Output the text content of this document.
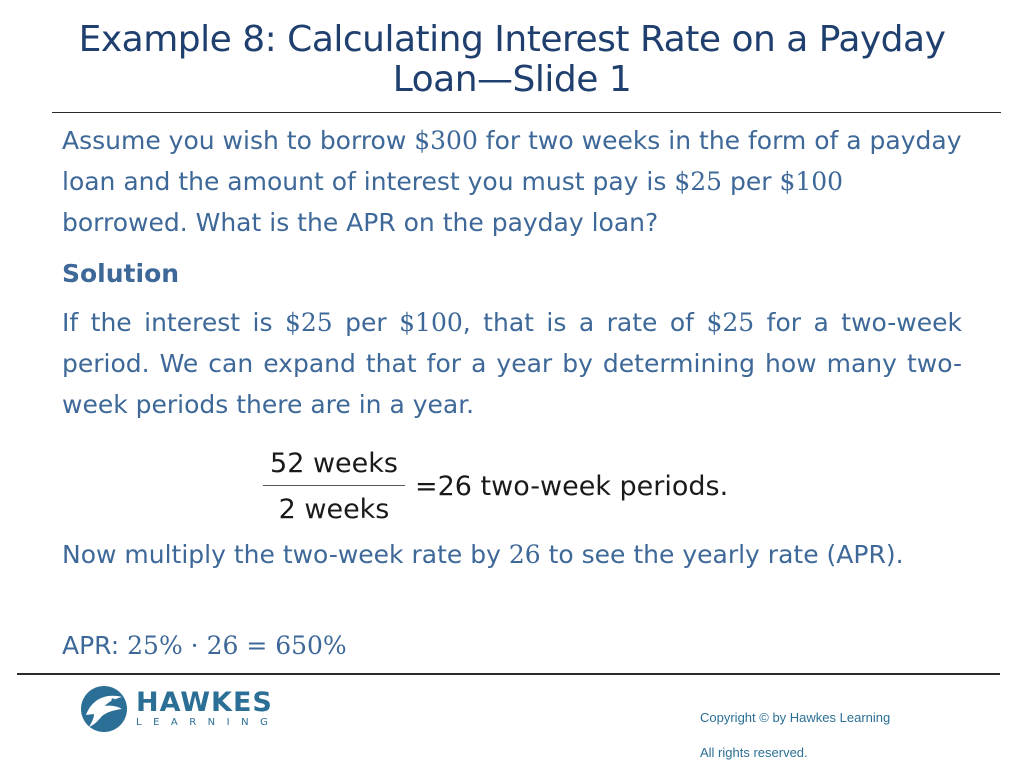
Example 8: Calculating Interest Rate on a Payday
Loan—Slide 1
Assume you wish to borrow $300 for two weeks in the form of a payday loan and the amount of interest you must pay is $25 per $100 borrowed. What is the APR on the payday loan?
Solution
If the interest is $25 per $100, that is a rate of $25 for a two-week period. We can expand that for a year by determining how many two-week periods there are in a year.
$\frac{\text{52 weeks}}{\text{2 weeks}} =26$ two-week periods.
Now multiply the two-week rate by 26 to see the yearly rate (APR).
APR: 25% · 26 = 650%
HAWKES
LEARNING	Copyright © by Hawkes Learning
All rights reserved.
